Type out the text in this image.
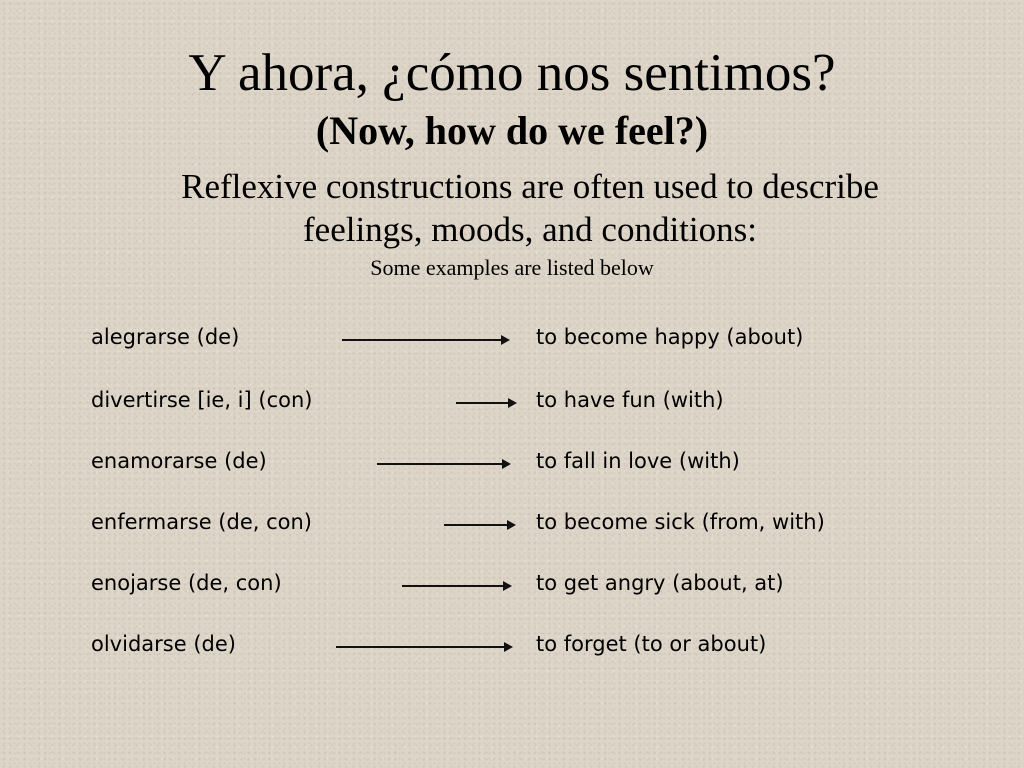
Y ahora, ¿cómo nos sentimos?
(Now, how do we feel?)

Reflexive constructions are often used to describe

feelings, moods, and conditions:

Some examples are listed below

alegrarse (de)	to become happy (about)
divertirse [ie, i] (con)	to have fun (with)
enamorarse (de)	to fall in love (with)
enfermarse (de, con)	to become sick (from, with)
enojarse (de, con)	to get angry (about, at)
olvidarse (de)	to forget (to or about)
